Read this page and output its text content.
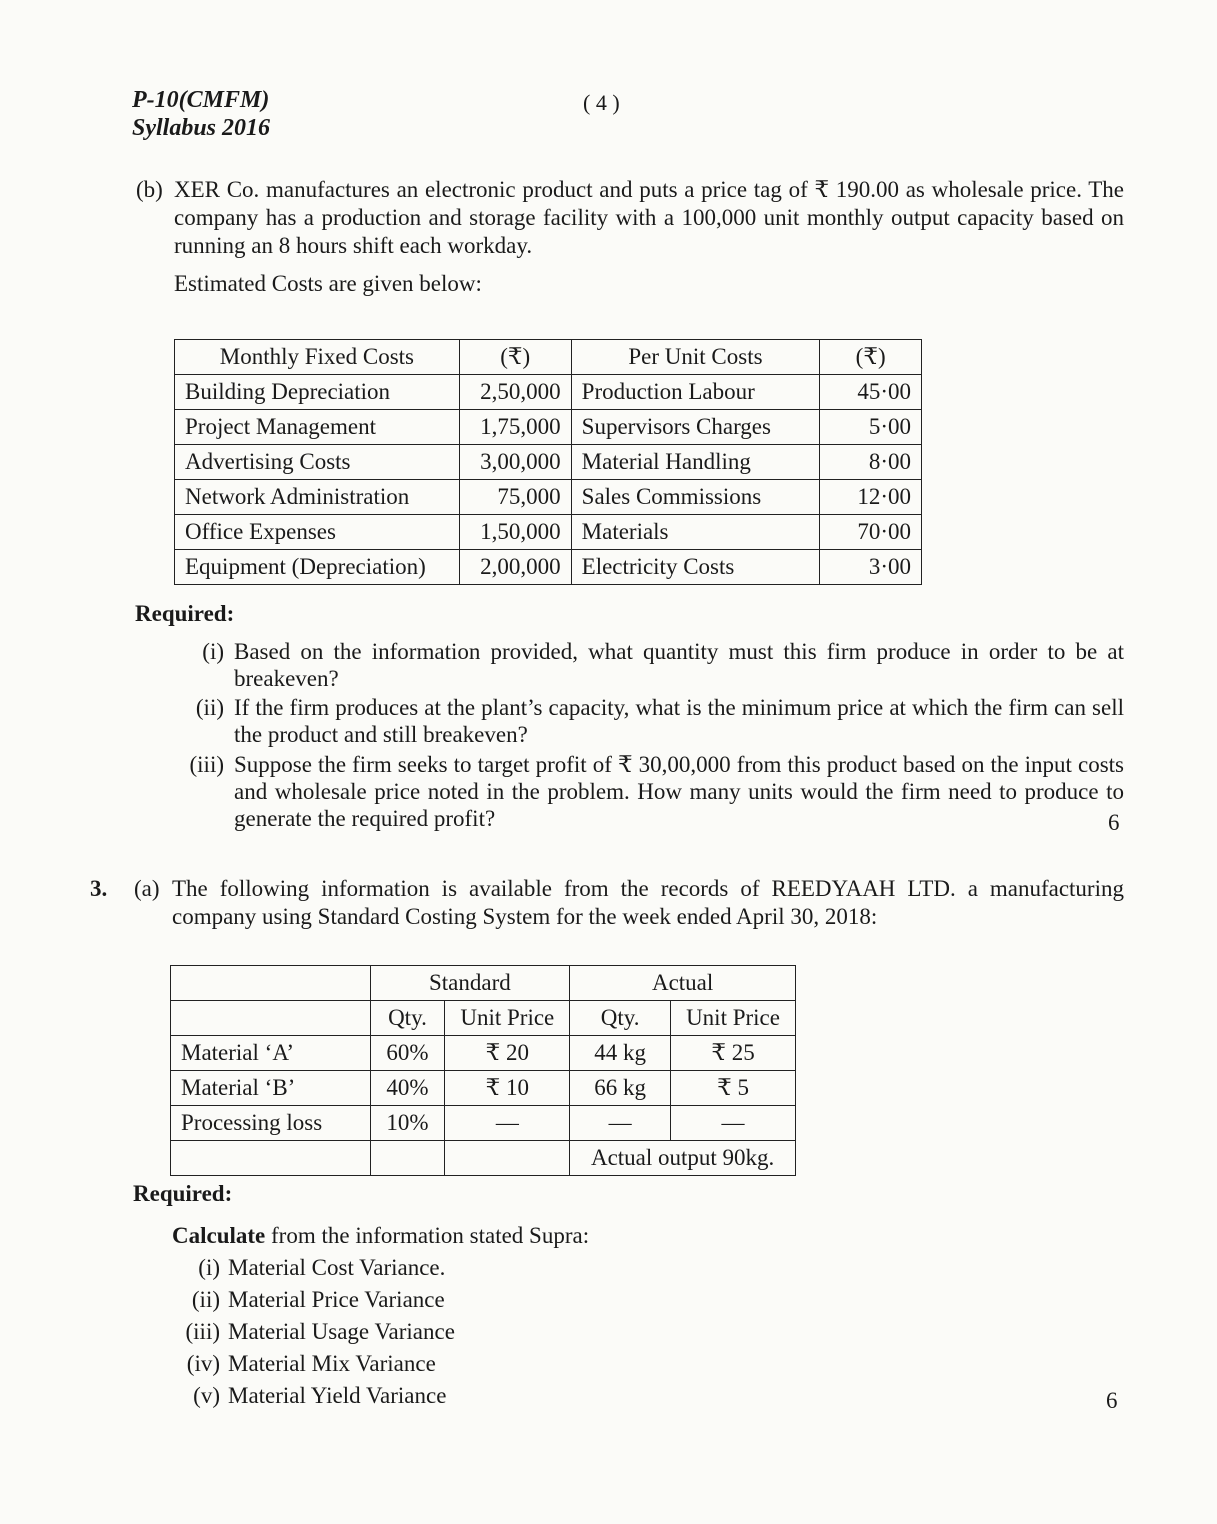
P-10(CMFM)
Syllabus 2016
( 4 )
(b) XER Co. manufactures an electronic product and puts a price tag of ₹ 190.00 as wholesale price. The company has a production and storage facility with a 100,000 unit monthly output capacity based on running an 8 hours shift each workday.
Estimated Costs are given below:
Monthly Fixed Costs	(₹)	Per Unit Costs	(₹)
Building Depreciation	2,50,000	Production Labour	45·00
Project Management	1,75,000	Supervisors Charges	5·00
Advertising Costs	3,00,000	Material Handling	8·00
Network Administration	75,000	Sales Commissions	12·00
Office Expenses	1,50,000	Materials	70·00
Equipment (Depreciation)	2,00,000	Electricity Costs	3·00
Required:
(i) Based on the information provided, what quantity must this firm produce in order to be at breakeven?
(ii) If the firm produces at the plant’s capacity, what is the minimum price at which the firm can sell the product and still breakeven?
(iii) Suppose the firm seeks to target profit of ₹ 30,00,000 from this product based on the input costs and wholesale price noted in the problem. How many units would the firm need to produce to generate the required profit?	6
3. (a) The following information is available from the records of REEDYAAH LTD. a manufacturing company using Standard Costing System for the week ended April 30, 2018:
	Standard		Actual	
	Qty.	Unit Price	Qty.	Unit Price
Material ‘A’	60%	₹ 20	44 kg	₹ 25
Material ‘B’	40%	₹ 10	66 kg	₹ 5
Processing loss	10%	—	—	—
			Actual output 90kg.	
Required:
Calculate from the information stated Supra:
(i) Material Cost Variance.
(ii) Material Price Variance
(iii) Material Usage Variance
(iv) Material Mix Variance
(v) Material Yield Variance	6
